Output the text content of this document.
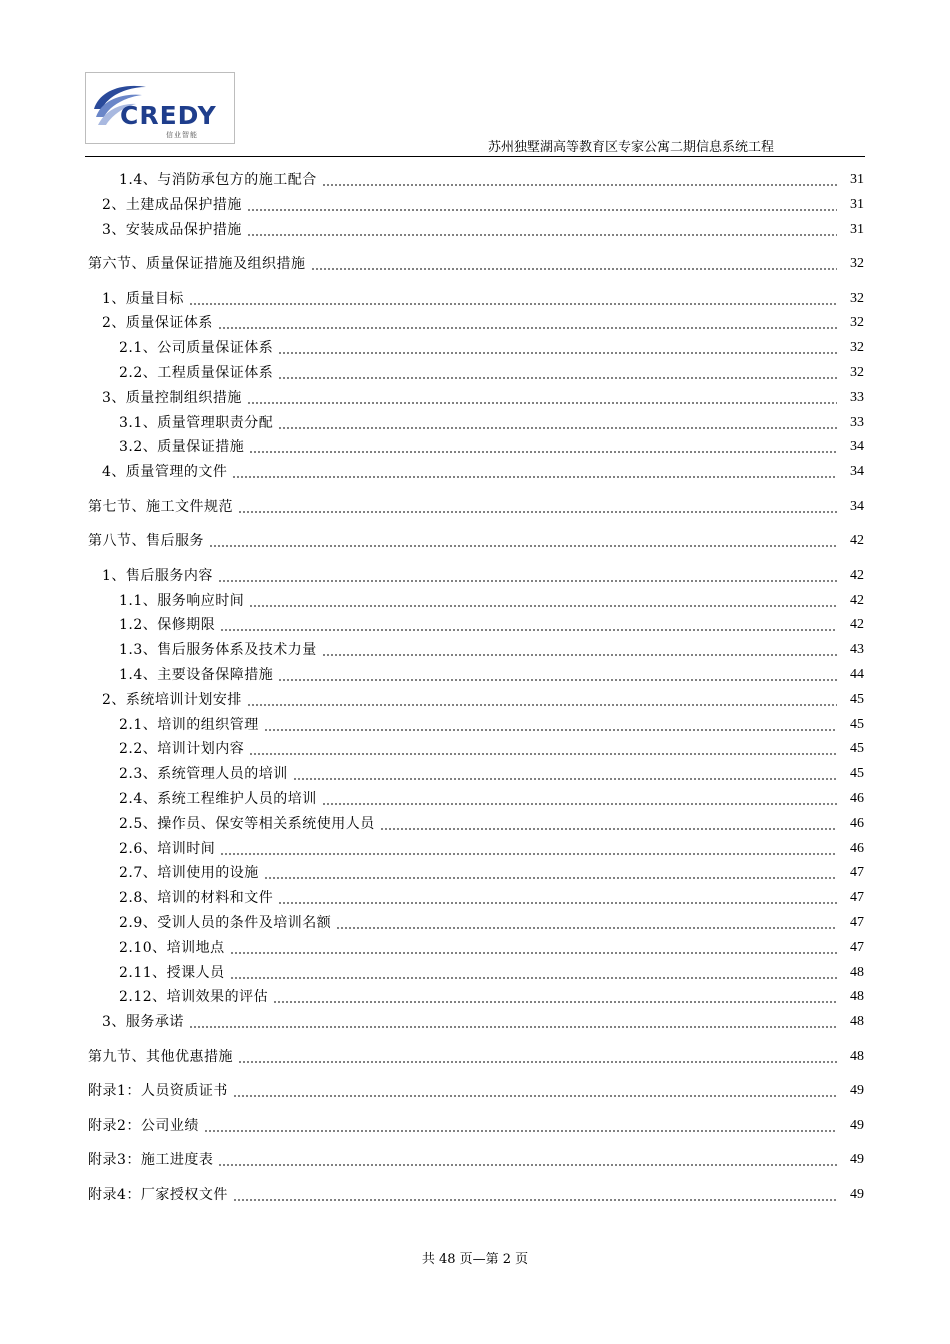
CREDY
信业智能
苏州独墅湖高等教育区专家公寓二期信息系统工程
1.4、与消防承包方的施工配合	31
2、土建成品保护措施	31
3、安装成品保护措施	31
第六节、质量保证措施及组织措施	32
1、质量目标	32
2、质量保证体系	32
2.1、公司质量保证体系	32
2.2、工程质量保证体系	32
3、质量控制组织措施	33
3.1、质量管理职责分配	33
3.2、质量保证措施	34
4、质量管理的文件	34
第七节、施工文件规范	34
第八节、售后服务	42
1、售后服务内容	42
1.1、服务响应时间	42
1.2、保修期限	42
1.3、售后服务体系及技术力量	43
1.4、主要设备保障措施	44
2、系统培训计划安排	45
2.1、培训的组织管理	45
2.2、培训计划内容	45
2.3、系统管理人员的培训	45
2.4、系统工程维护人员的培训	46
2.5、操作员、保安等相关系统使用人员	46
2.6、培训时间	46
2.7、培训使用的设施	47
2.8、培训的材料和文件	47
2.9、受训人员的条件及培训名额	47
2.10、培训地点	47
2.11、授课人员	48
2.12、培训效果的评估	48
3、服务承诺	48
第九节、其他优惠措施	48
附录1：人员资质证书	49
附录2：公司业绩	49
附录3：施工进度表	49
附录4：厂家授权文件	49
共 48 页—第 2 页
